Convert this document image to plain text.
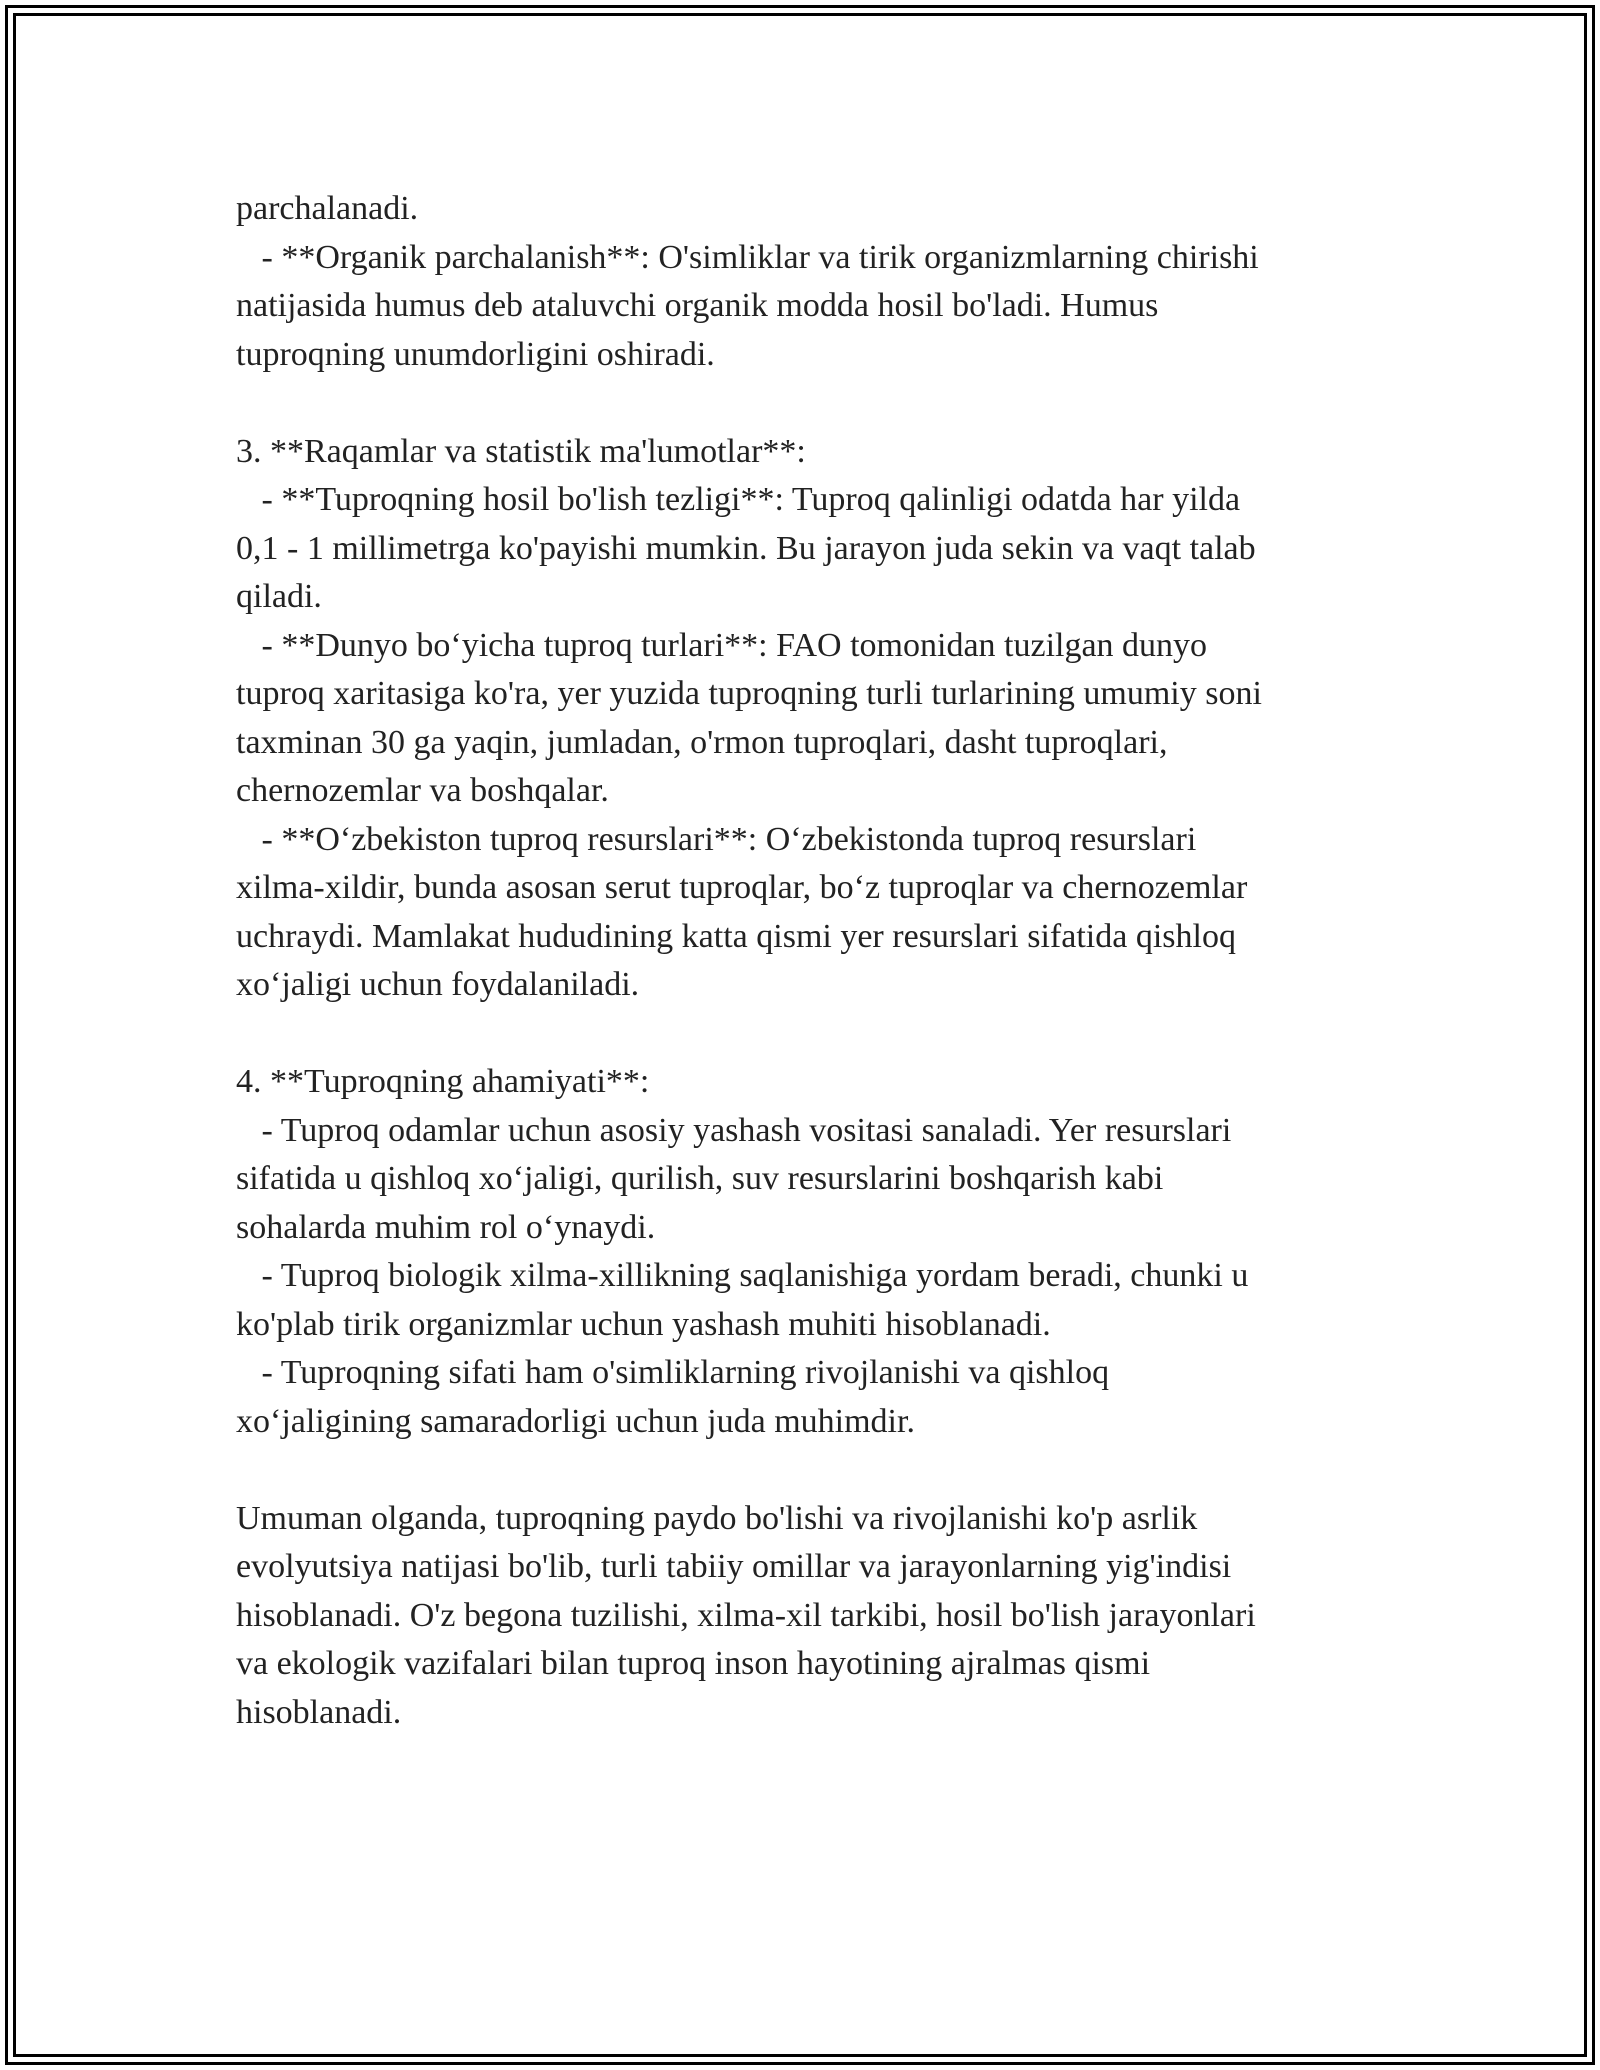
parchalanadi.
- **Organik parchalanish**: O'simliklar va tirik organizmlarning chirishi
natijasida humus deb ataluvchi organik modda hosil bo'ladi. Humus
tuproqning unumdorligini oshiradi.
3. **Raqamlar va statistik ma'lumotlar**:
- **Tuproqning hosil bo'lish tezligi**: Tuproq qalinligi odatda har yilda
0,1 - 1 millimetrga ko'payishi mumkin. Bu jarayon juda sekin va vaqt talab
qiladi.
- **Dunyo bo‘yicha tuproq turlari**: FAO tomonidan tuzilgan dunyo
tuproq xaritasiga ko'ra, yer yuzida tuproqning turli turlarining umumiy soni
taxminan 30 ga yaqin, jumladan, o'rmon tuproqlari, dasht tuproqlari,
chernozemlar va boshqalar.
- **O‘zbekiston tuproq resurslari**: O‘zbekistonda tuproq resurslari
xilma-xildir, bunda asosan serut tuproqlar, bo‘z tuproqlar va chernozemlar
uchraydi. Mamlakat hududining katta qismi yer resurslari sifatida qishloq
xo‘jaligi uchun foydalaniladi.
4. **Tuproqning ahamiyati**:
- Tuproq odamlar uchun asosiy yashash vositasi sanaladi. Yer resurslari
sifatida u qishloq xo‘jaligi, qurilish, suv resurslarini boshqarish kabi
sohalarda muhim rol o‘ynaydi.
- Tuproq biologik xilma-xillikning saqlanishiga yordam beradi, chunki u
ko'plab tirik organizmlar uchun yashash muhiti hisoblanadi.
- Tuproqning sifati ham o'simliklarning rivojlanishi va qishloq
xo‘jaligining samaradorligi uchun juda muhimdir.
Umuman olganda, tuproqning paydo bo'lishi va rivojlanishi ko'p asrlik
evolyutsiya natijasi bo'lib, turli tabiiy omillar va jarayonlarning yig'indisi
hisoblanadi. O'z begona tuzilishi, xilma-xil tarkibi, hosil bo'lish jarayonlari
va ekologik vazifalari bilan tuproq inson hayotining ajralmas qismi
hisoblanadi.
